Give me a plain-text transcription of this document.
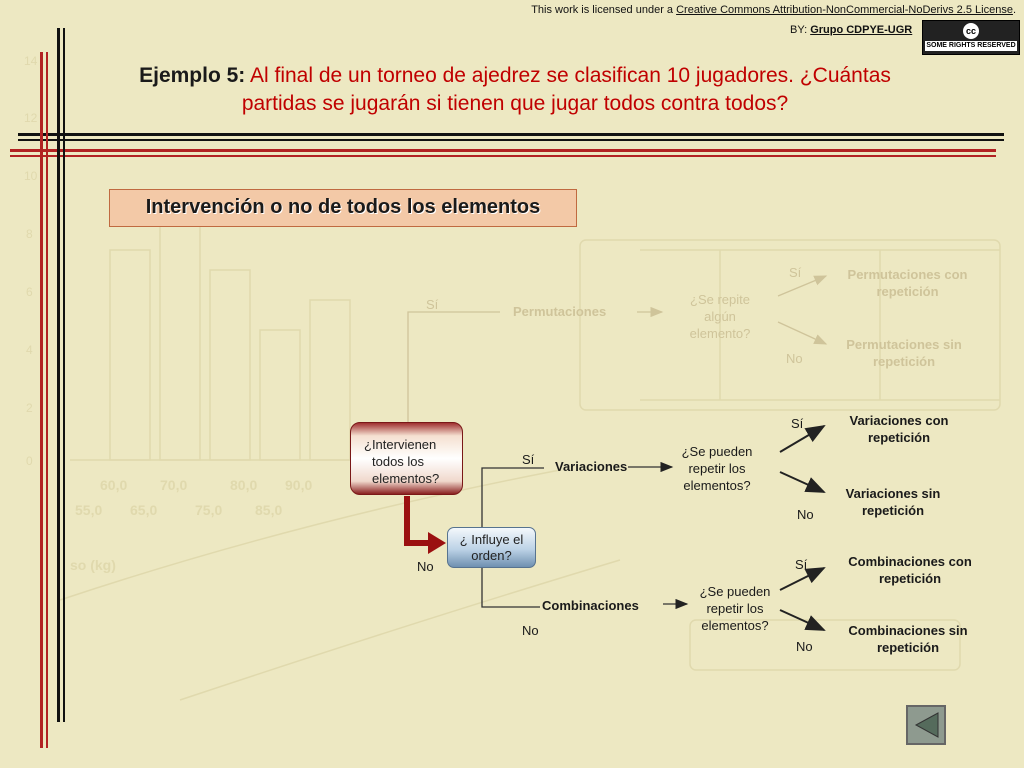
so (kg)
60,0 70,0	80,0 90,0
55,0 65,0	75,0 85,0
14
12
10
8
6
4
2
0
This work is licensed under a Creative Commons Attribution-NonCommercial-NoDerivs 2.5 License.
BY: Grupo CDPYE-UGR	cc
SOME RIGHTS RESERVED
Ejemplo 5: Al final de un torneo de ajedrez se clasifican 10 jugadores. ¿Cuántas
partidas se jugarán si tienen que jugar todos contra todos?
Intervención o no de todos los elementos
¿Intervienen
todos los
elementos?
¿ Influye el
orden?
Sí
No
Sí
No
Permutaciones
¿Se repite
algún
elemento?
Sí
No
Permutaciones con
repetición
Permutaciones sin
repetición
Variaciones
¿Se pueden
repetir los
elementos?
Sí
No
Variaciones con
repetición
Variaciones sin
repetición
Combinaciones
¿Se pueden
repetir los
elementos?
Sí
No
Combinaciones con
repetición
Combinaciones sin
repetición
